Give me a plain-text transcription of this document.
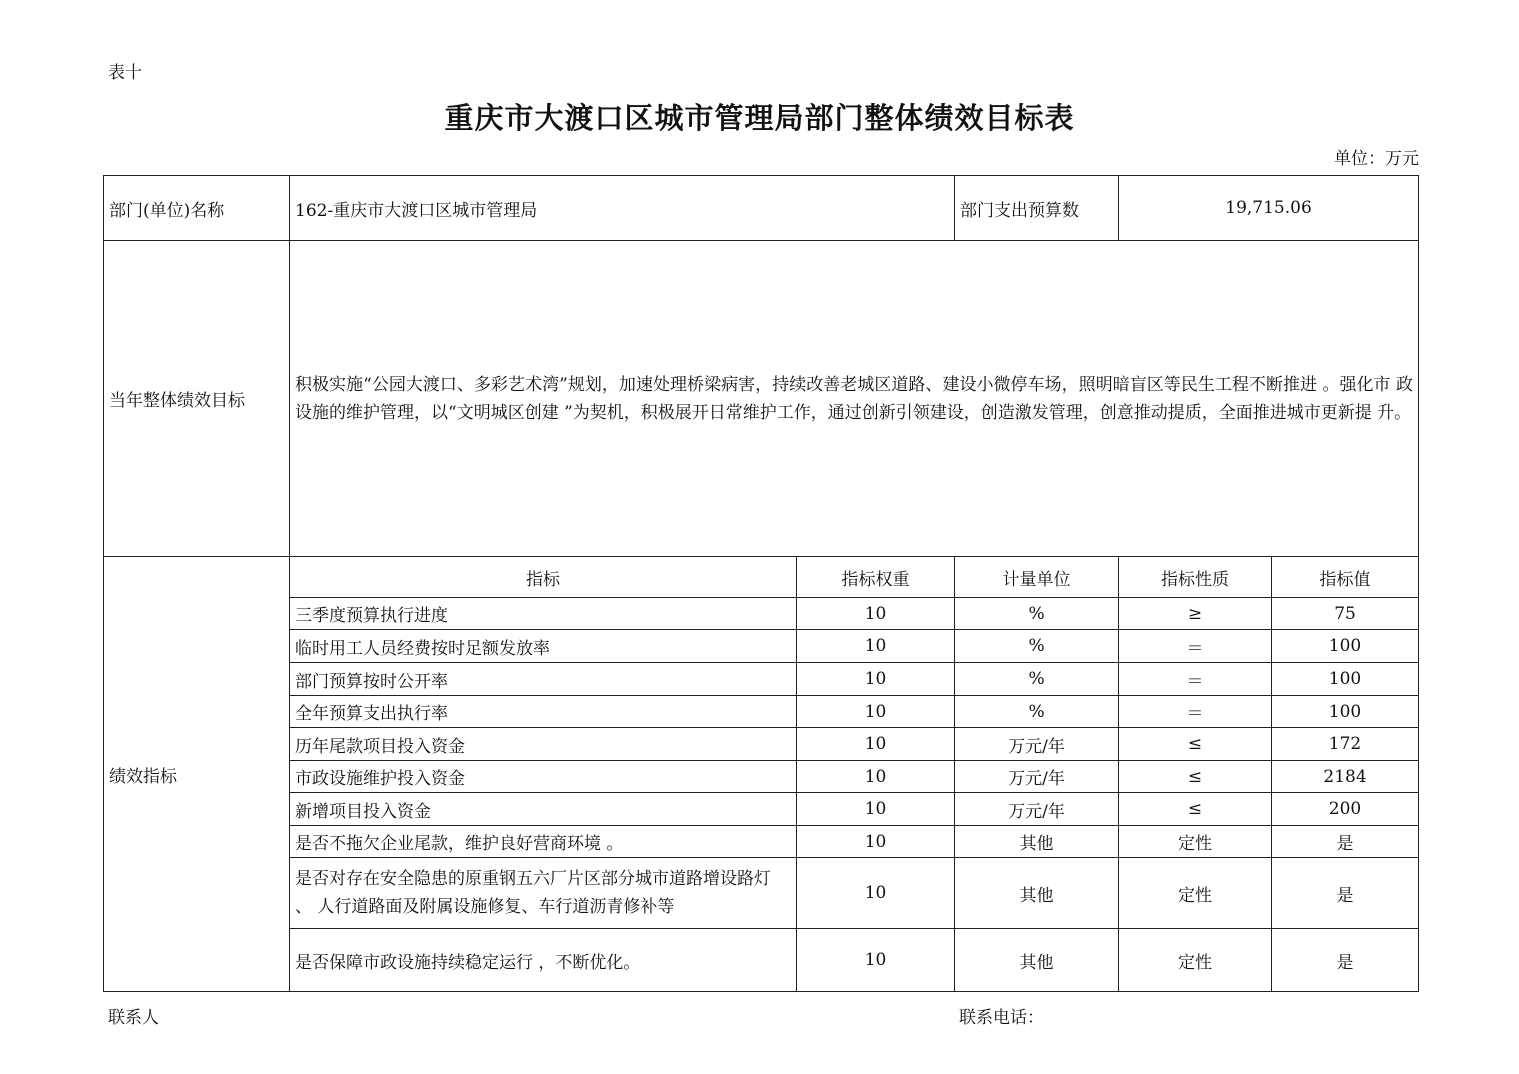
表十
重庆市大渡口区城市管理局部门整体绩效目标表
单位：万元
部门(单位)名称	162-重庆市大渡口区城市管理局		部门支出预算数	19,715.06	
当年整体绩效目标	积极实施“公园大渡口、多彩艺术湾”规划，加速处理桥梁病害，持续改善老城区道路、建设小微停车场，照明暗盲区等民生工程不断推进 。强化市 政设施的维护管理，以“文明城区创建 ”为契机，积极展开日常维护工作，通过创新引领建设，创造激发管理，创意推动提质，全面推进城市更新提 升。				
绩效指标	指标	指标权重	计量单位	指标性质	指标值
	三季度预算执行进度	10	%	≥	75
	临时用工人员经费按时足额发放率	10	%	＝	100
	部门预算按时公开率	10	%	＝	100
	全年预算支出执行率	10	%	＝	100
	历年尾款项目投入资金	10	万元/年	≤	172
	市政设施维护投入资金	10	万元/年	≤	2184
	新增项目投入资金	10	万元/年	≤	200
	是否不拖欠企业尾款，维护良好营商环境 。	10	其他	定性	是
	是否对存在安全隐患的原重钢五六厂片区部分城市道路增设路灯 、 人行道路面及附属设施修复、车行道沥青修补等	10	其他	定性	是
	是否保障市政设施持续稳定运行 ，不断优化。	10	其他	定性	是
联系人	联系电话：
